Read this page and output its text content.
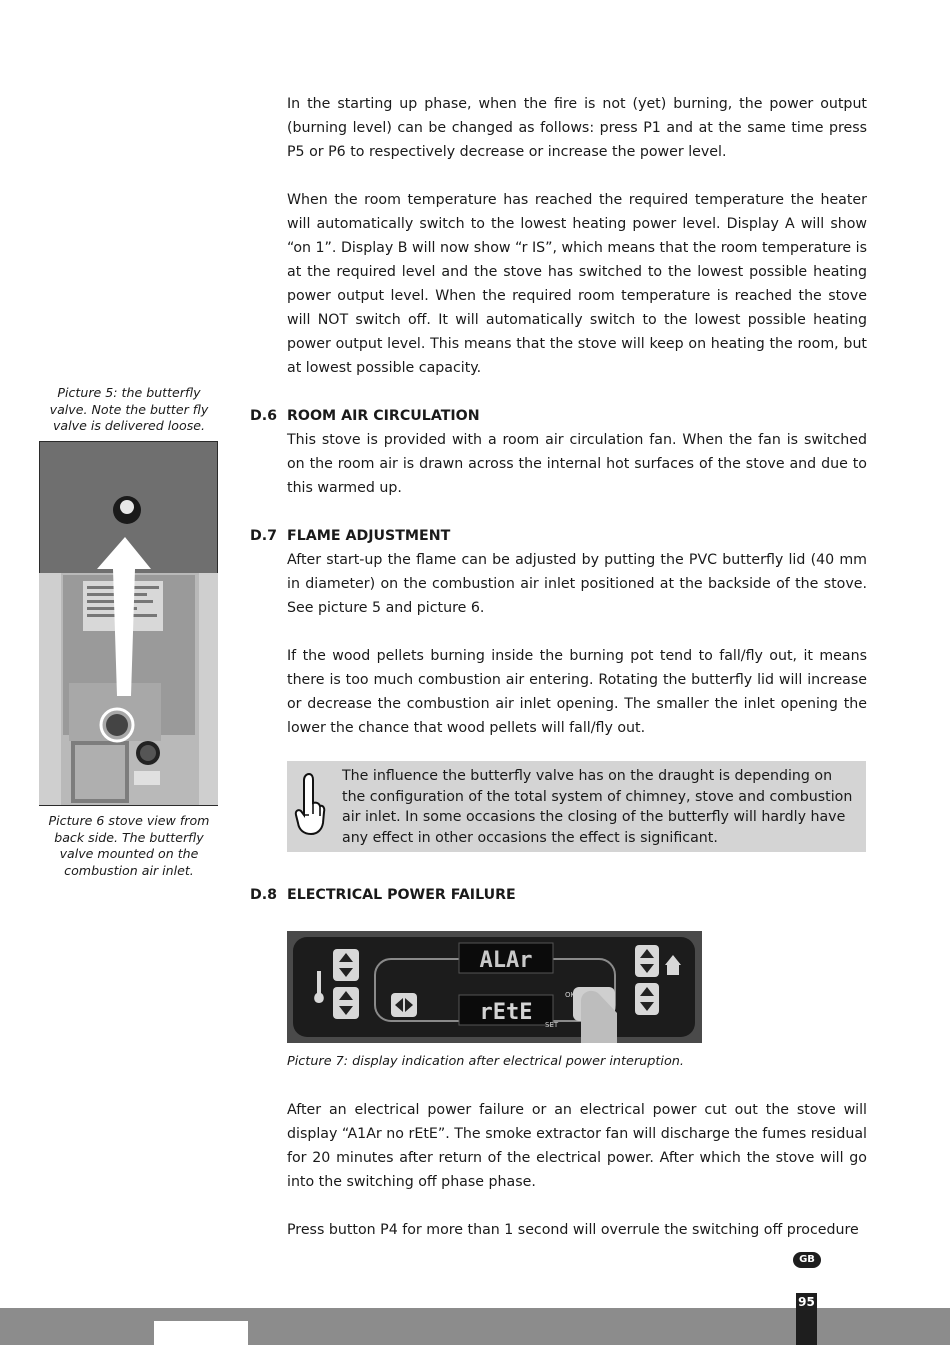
Picture 5: the butterfly valve. Note the butter fly valve is delivered loose.
Picture 6 stove view from back side. The butterfly valve mounted on the combustion air inlet.

In the starting up phase, when the fire is not (yet) burning, the power output (burning level) can be changed as follows: press P1 and at the same time press P5 or P6 to respectively decrease or increase the power level.

When the room temperature has reached the required temperature the heater will automatically switch to the lowest heating power level. Display A will show “on 1”. Display B will now show “r IS”, which means that the room temperature is at the required level and the stove has switched to the lowest possible heating power output level. When the required room temperature is reached the stove will NOT switch off. It will automatically switch to the lowest possible heating power output level. This means that the stove will keep on heating the room, but at lowest possible capacity.

D.6 ROOM AIR CIRCULATION

This stove is provided with a room air circulation fan. When the fan is switched on the room air is drawn across the internal hot surfaces of the stove and due to this warmed up.

D.7 FLAME ADJUSTMENT

After start-up the flame can be adjusted by putting the PVC butterfly lid (40 mm in diameter) on the combustion air inlet positioned at the backside of the stove. See picture 5 and picture 6.

If the wood pellets burning inside the burning pot tend to fall/fly out, it means there is too much combustion air entering. Rotating the butterfly lid will increase or decrease the combustion air inlet opening. The smaller the inlet opening the lower the chance that wood pellets will fall/fly out.

The influence the butterfly valve has on the draught is depending on the configuration of the total system of chimney, stove and combustion air inlet. In some occasions the closing of the butterfly will hardly have any effect in other occasions the effect is significant.
D.8 ELECTRICAL POWER FAILURE
ALAr
rEtE
OK
SET
Picture 7: display indication after electrical power interuption.

After an electrical power failure or an electrical power cut out the stove will display “A1Ar no rEtE”. The smoke extractor fan will discharge the fumes residual for 20 minutes after return of the electrical power. After which the stove will go into the switching off phase phase.

Press button P4 for more than 1 second will overrule the switching off procedure

GB
95
